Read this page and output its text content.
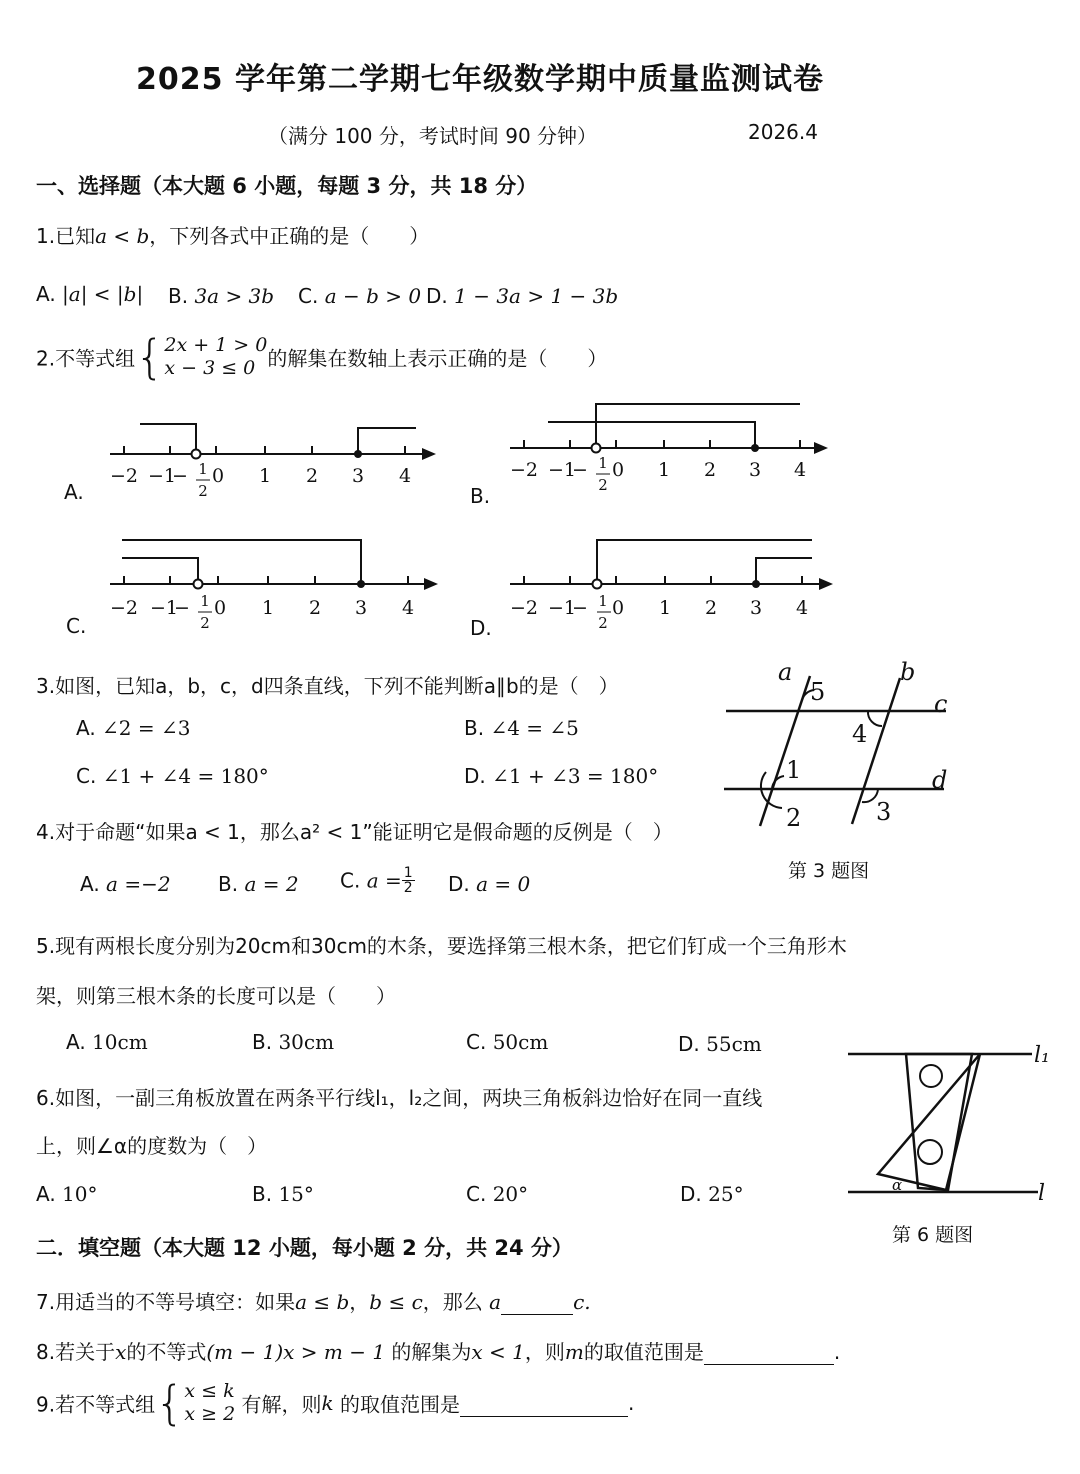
2025 学年第二学期七年级数学期中质量监测试卷
（满分 100 分，考试时间 90 分钟）	2026.4
一、选择题（本大题 6 小题，每题 3 分，共 18 分）
1.已知a < b，下列各式中正确的是（　　）
A. |a| < |b| B. 3a > 3b C. a − b > 0 D. 1 − 3a > 1 − 3b
2.不等式组{2x + 1 > 0
x − 3 ≤ 0 的解集在数轴上表示正确的是（　　）
A.
−2 −1
− 1
2
0 1 2 3 4
B.
−2 −1
− 1
2
0 1 2 3 4
C.
−2 −1
− 1
2
0 1 2 3 4
D.
−2 −1
− 1
2
0 1 2 3 4
3.如图，已知a，b，c，d四条直线，下列不能判断a∥b的是（　）
A. ∠2 = ∠3	B. ∠4 = ∠5
C. ∠1 + ∠4 = 180°	D. ∠1 + ∠3 = 180°
a	b
c
d
5
4
1
2	3
第 3 题图
4.对于命题“如果a < 1，那么a² < 1”能证明它是假命题的反例是（　）
A. a =−2 B. a = 2 C. $a = \frac{1}{2} D$. a = 0
5.现有两根长度分别为20cm和30cm的木条，要选择第三根木条，把它们钉成一个三角形木
架，则第三根木条的长度可以是（　　）
A. 10cm	B. 30cm	C. 50cm	D. 55cm
6.如图，一副三角板放置在两条平行线l₁，l₂之间，两块三角板斜边恰好在同一直线
上，则∠α的度数为（　）
A. 10°	B. 15°	C. 20°	D. 25°
l₁
l
α
第 6 题图
二．填空题（本大题 12 小题，每小题 2 分，共 24 分）
7.用适当的不等号填空：如果a ≤ b，b ≤ c，那么 a	c.
8.若关于x的不等式(m − 1)x > m − 1 的解集为x < 1，则m的取值范围是	.
9.若不等式组{x ≤ k
x ≥ 2 有解，则k 的取值范围是	.
